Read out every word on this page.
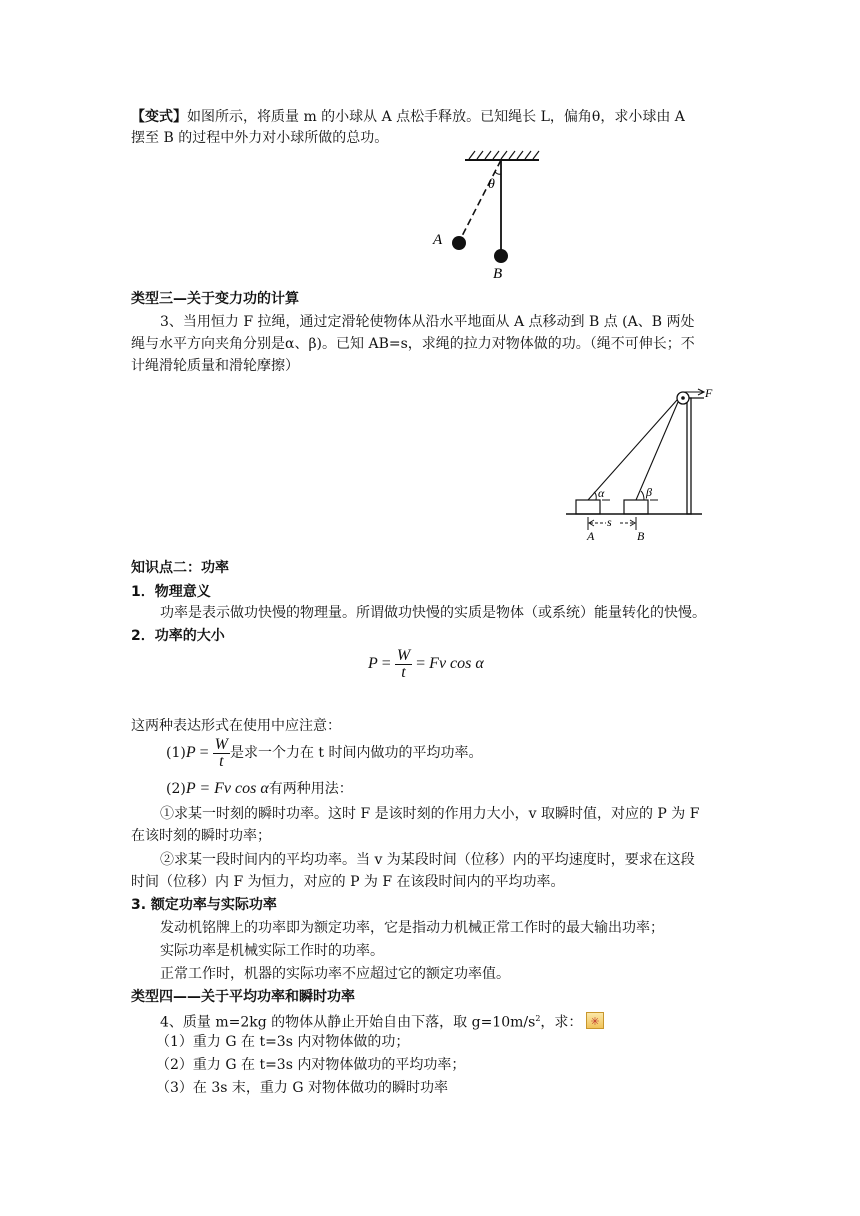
【变式】如图所示，将质量 m 的小球从 A 点松手释放。已知绳长 L，偏角θ，求小球由 A
摆至 B 的过程中外力对小球所做的总功。
θ
A
B
类型三—关于变力功的计算
3、当用恒力 F 拉绳，通过定滑轮使物体从沿水平地面从 A 点移动到 B 点 (A、B 两处
绳与水平方向夹角分别是α、β)。已知 AB=s，求绳的拉力对物体做的功。（绳不可伸长；不
计绳滑轮质量和滑轮摩擦）
F
α	β
s
A	B
知识点二：功率
1．物理意义
功率是表示做功快慢的物理量。所谓做功快慢的实质是物体（或系统）能量转化的快慢。
2．功率的大小
$P = \frac{W}{t} = Fv$ cos α
这两种表达形式在使用中应注意：
$(1)P = \frac{W}{t}$ 是求一个力在 t 时间内做功的平均功率。
(2)P = Fv cos α有两种用法：
①求某一时刻的瞬时功率。这时 F 是该时刻的作用力大小，v 取瞬时值，对应的 P 为 F
在该时刻的瞬时功率；
②求某一段时间内的平均功率。当 v 为某段时间（位移）内的平均速度时，要求在这段
时间（位移）内 F 为恒力，对应的 P 为 F 在该段时间内的平均功率。
3. 额定功率与实际功率
发动机铭牌上的功率即为额定功率，它是指动力机械正常工作时的最大输出功率；
实际功率是机械实际工作时的功率。
正常工作时，机器的实际功率不应超过它的额定功率值。
类型四——关于平均功率和瞬时功率
4、质量 m=2kg 的物体从静止开始自由下落，取 $g=10m/s^2$，求：✳
（1）重力 G 在 t=3s 内对物体做的功；
（2）重力 G 在 t=3s 内对物体做功的平均功率；
（3）在 3s 末，重力 G 对物体做功的瞬时功率
